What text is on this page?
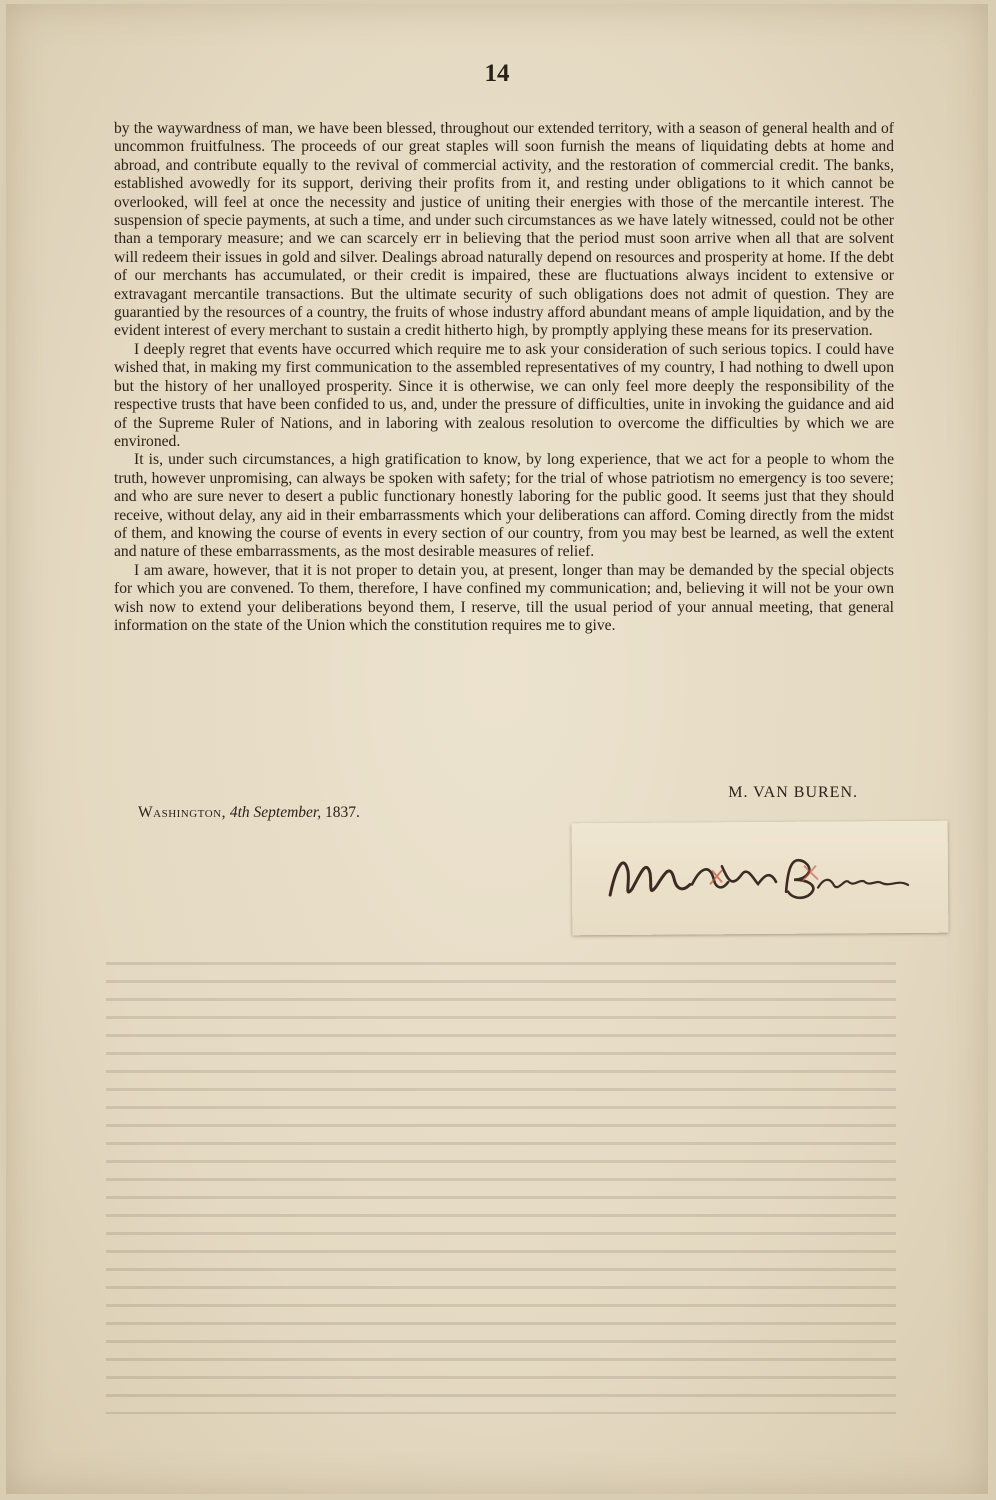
14

by the waywardness of man, we have been blessed, throughout our extended territory, with a season of general health and of uncommon fruitfulness. The proceeds of our great staples will soon furnish the means of liquidating debts at home and abroad, and contribute equally to the revival of commercial activity, and the restoration of commercial credit. The banks, established avowedly for its support, deriving their profits from it, and resting under obligations to it which cannot be overlooked, will feel at once the necessity and justice of uniting their energies with those of the mercantile interest. The suspension of specie payments, at such a time, and under such circumstances as we have lately witnessed, could not be other than a temporary measure; and we can scarcely err in believing that the period must soon arrive when all that are solvent will redeem their issues in gold and silver. Dealings abroad naturally depend on resources and prosperity at home. If the debt of our merchants has accumulated, or their credit is impaired, these are fluctuations always incident to extensive or extravagant mercantile transactions. But the ultimate security of such obligations does not admit of question. They are guarantied by the resources of a country, the fruits of whose industry afford abundant means of ample liquidation, and by the evident interest of every merchant to sustain a credit hitherto high, by promptly applying these means for its preservation.

I deeply regret that events have occurred which require me to ask your consideration of such serious topics. I could have wished that, in making my first communication to the assembled representatives of my country, I had nothing to dwell upon but the history of her unalloyed prosperity. Since it is otherwise, we can only feel more deeply the responsibility of the respective trusts that have been confided to us, and, under the pressure of difficulties, unite in invoking the guidance and aid of the Supreme Ruler of Nations, and in laboring with zealous resolution to overcome the difficulties by which we are environed.

It is, under such circumstances, a high gratification to know, by long experience, that we act for a people to whom the truth, however unpromising, can always be spoken with safety; for the trial of whose patriotism no emergency is too severe; and who are sure never to desert a public functionary honestly laboring for the public good. It seems just that they should receive, without delay, any aid in their embarrassments which your deliberations can afford. Coming directly from the midst of them, and knowing the course of events in every section of our country, from you may best be learned, as well the extent and nature of these embarrassments, as the most desirable measures of relief.

I am aware, however, that it is not proper to detain you, at present, longer than may be demanded by the special objects for which you are convened. To them, therefore, I have confined my communication; and, believing it will not be your own wish now to extend your deliberations beyond them, I reserve, till the usual period of your annual meeting, that general information on the state of the Union which the constitution requires me to give.

M. VAN BUREN.
Washington, 4th September, 1837.
